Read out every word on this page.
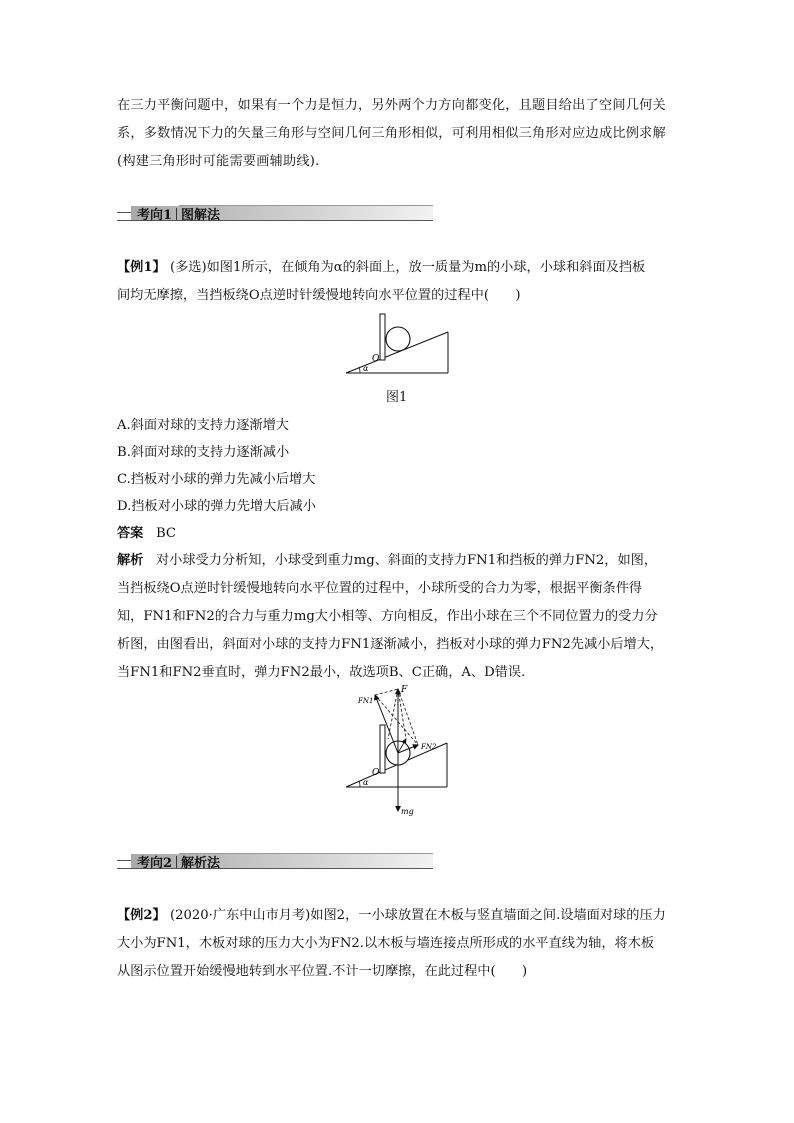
在三力平衡问题中，如果有一个力是恒力，另外两个力方向都变化，且题目给出了空间几何关系，多数情况下力的矢量三角形与空间几何三角形相似，可利用相似三角形对应边成比例求解(构建三角形时可能需要画辅助线).
考向1 图解法
【例1】 (多选)如图1所示，在倾角为α的斜面上，放一质量为m的小球，小球和斜面及挡板
间均无摩擦，当挡板绕O点逆时针缓慢地转向水平位置的过程中(　　)
O
α
图1
A.斜面对球的支持力逐渐增大
B.斜面对球的支持力逐渐减小
C.挡板对小球的弹力先减小后增大
D.挡板对小球的弹力先增大后减小
答案 BC
解析 对小球受力分析知，小球受到重力mg、斜面的支持力FN1和挡板的弹力FN2，如图，
当挡板绕O点逆时针缓慢地转向水平位置的过程中，小球所受的合力为零，根据平衡条件得
知，FN1和FN2的合力与重力mg大小相等、方向相反，作出小球在三个不同位置力的受力分
析图，由图看出，斜面对小球的支持力FN1逐渐减小，挡板对小球的弹力FN2先减小后增大，
当FN1和FN2垂直时，弹力FN2最小，故选项B、C正确，A、D错误.
F
FN1
FN2
O
α
mg
考向2 解析法
【例2】 (2020·广东中山市月考)如图2，一小球放置在木板与竖直墙面之间.设墙面对球的压力
大小为FN1，木板对球的压力大小为FN2.以木板与墙连接点所形成的水平直线为轴，将木板
从图示位置开始缓慢地转到水平位置.不计一切摩擦，在此过程中(　　)
